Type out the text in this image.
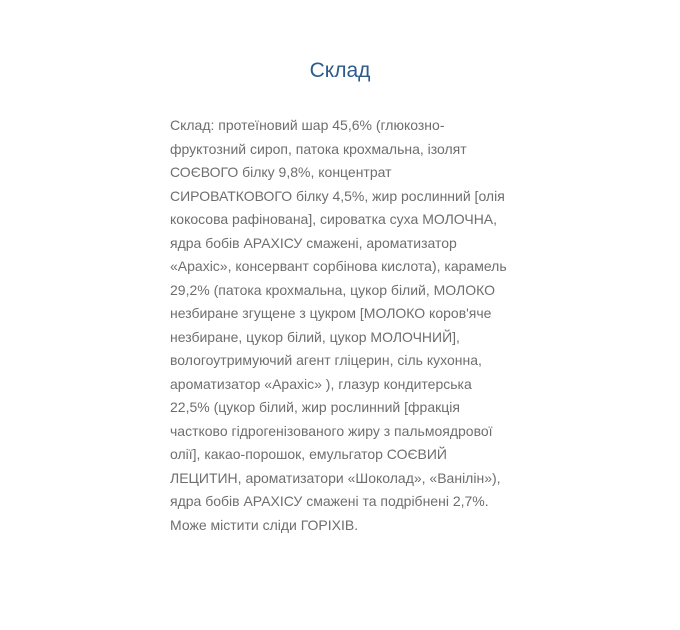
Склад

Склад: протеїновий шар 45,6% (глюкозно-
фруктозний сироп, патока крохмальна, ізолят
СОЄВОГО білку 9,8%, концентрат
СИРОВАТКОВОГО білку 4,5%, жир рослинний [олія
кокосова рафінована], сироватка суха МОЛОЧНА,
ядра бобів АРАХІСУ смажені, ароматизатор
«Арахіс», консервант сорбінова кислота), карамель
29,2% (патока крохмальна, цукор білий, МОЛОКО
незбиране згущене з цукром [МОЛОКО коров'яче
незбиране, цукор білий, цукор МОЛОЧНИЙ],
вологоутримуючий агент гліцерин, сіль кухонна,
ароматизатор «Арахіс» ), глазур кондитерська
22,5% (цукор білий, жир рослинний [фракція
частково гідрогенізованого жиру з пальмоядрової
олії], какао-порошок, емульгатор СОЄВИЙ
ЛЕЦИТИН, ароматизатори «Шоколад», «Ванілін»),
ядра бобів АРАХІСУ смажені та подрібнені 2,7%.
Може містити сліди ГОРІХІВ.
